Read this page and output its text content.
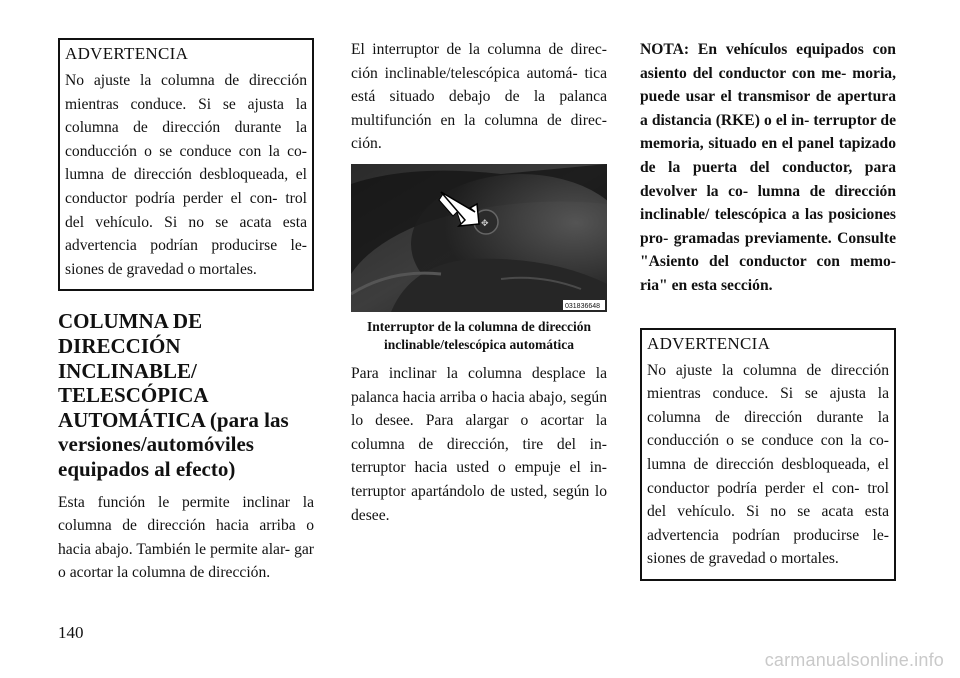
ADVERTENCIA

No ajuste la columna de dirección mientras conduce. Si se ajusta la columna de dirección durante la conducción o se conduce con la co- lumna de dirección desbloqueada, el conductor podría perder el con- trol del vehículo. Si no se acata esta advertencia podrían producirse le- siones de gravedad o mortales.

COLUMNA DE DIRECCIÓN INCLINABLE/ TELESCÓPICA AUTOMÁTICA (para las versiones/automóviles equipados al efecto)

Esta función le permite inclinar la columna de dirección hacia arriba o hacia abajo. También le permite alar- gar o acortar la columna de dirección.

El interruptor de la columna de direc- ción inclinable/telescópica automá- tica está situado debajo de la palanca multifunción en la columna de direc- ción.

✥
031836648
Interruptor de la columna de dirección inclinable/telescópica automática

Para inclinar la columna desplace la palanca hacia arriba o hacia abajo, según lo desee. Para alargar o acortar la columna de dirección, tire del in- terruptor hacia usted o empuje el in- terruptor apartándolo de usted, según lo desee.

NOTA: En vehículos equipados con asiento del conductor con me- moria, puede usar el transmisor de apertura a distancia (RKE) o el in- terruptor de memoria, situado en el panel tapizado de la puerta del conductor, para devolver la co- lumna de dirección inclinable/ telescópica a las posiciones pro- gramadas previamente. Consulte "Asiento del conductor con memo- ria" en esta sección.

ADVERTENCIA

No ajuste la columna de dirección mientras conduce. Si se ajusta la columna de dirección durante la conducción o se conduce con la co- lumna de dirección desbloqueada, el conductor podría perder el con- trol del vehículo. Si no se acata esta advertencia podrían producirse le- siones de gravedad o mortales.

140
carmanualsonline.info
